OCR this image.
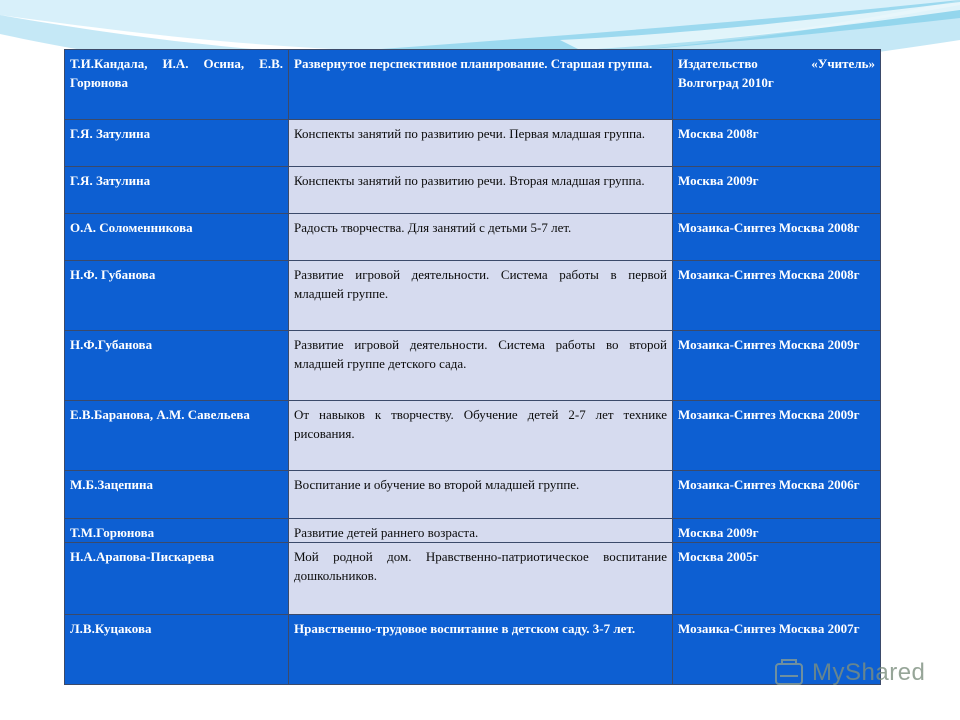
Т.И.Кандала, И.А. Осина, Е.В. Горюнова	Развернутое перспективное планирование. Старшая группа.	Издательство «Учитель» Волгоград 2010г
Г.Я. Затулина	Конспекты занятий по развитию речи. Первая младшая группа.	Москва 2008г
Г.Я. Затулина	Конспекты занятий по развитию речи. Вторая младшая группа.	Москва 2009г
О.А. Соломенникова	Радость творчества. Для занятий с детьми 5-7 лет.	Мозаика-Синтез Москва 2008г
Н.Ф. Губанова	Развитие игровой деятельности. Система работы в первой младшей группе.	Мозаика-Синтез Москва 2008г
Н.Ф.Губанова	Развитие игровой деятельности. Система работы во второй младшей группе детского сада.	Мозаика-Синтез Москва 2009г
Е.В.Баранова, А.М. Савельева	От навыков к творчеству. Обучение детей 2-7 лет технике рисования.	Мозаика-Синтез Москва 2009г
М.Б.Зацепина	Воспитание и обучение во второй младшей группе.	Мозаика-Синтез Москва 2006г
Т.М.Горюнова	Развитие детей раннего возраста.	Москва 2009г
Н.А.Арапова-Пискарева	Мой родной дом. Нравственно-патриотическое воспитание дошкольников.	Москва 2005г
Л.В.Куцакова	Нравственно-трудовое воспитание в детском саду. 3-7 лет.	Мозаика-Синтез Москва 2007г
MyShared
